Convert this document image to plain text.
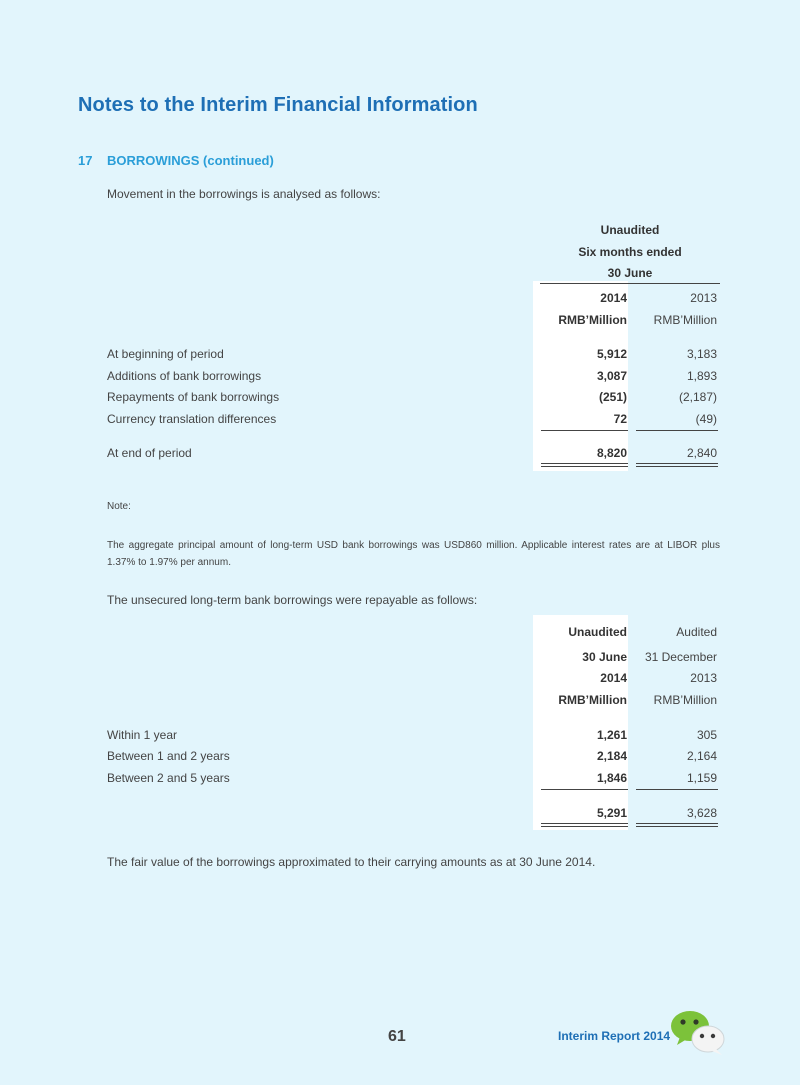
Notes to the Interim Financial Information
17 BORROWINGS (continued)
Movement in the borrowings is analysed as follows:
Unaudited
Six months ended
30 June
2014	2013
RMB’Million RMB’Million
At beginning of period	5,912	3,183
Additions of bank borrowings	3,087	1,893
Repayments of bank borrowings	(251)	(2,187)
Currency translation differences	72	(49)
At end of period	8,820	2,840
Note:
The aggregate principal amount of long-term USD bank borrowings was USD860 million. Applicable interest rates are at LIBOR plus
1.37% to 1.97% per annum.
The unsecured long-term bank borrowings were repayable as follows:
Unaudited	Audited
30 June 31 December
2014	2013
RMB’Million RMB’Million
Within 1 year	1,261	305
Between 1 and 2 years	2,184	2,164
Between 2 and 5 years	1,846	1,159
5,291	3,628
The fair value of the borrowings approximated to their carrying amounts as at 30 June 2014.
61	Interim Report 2014
